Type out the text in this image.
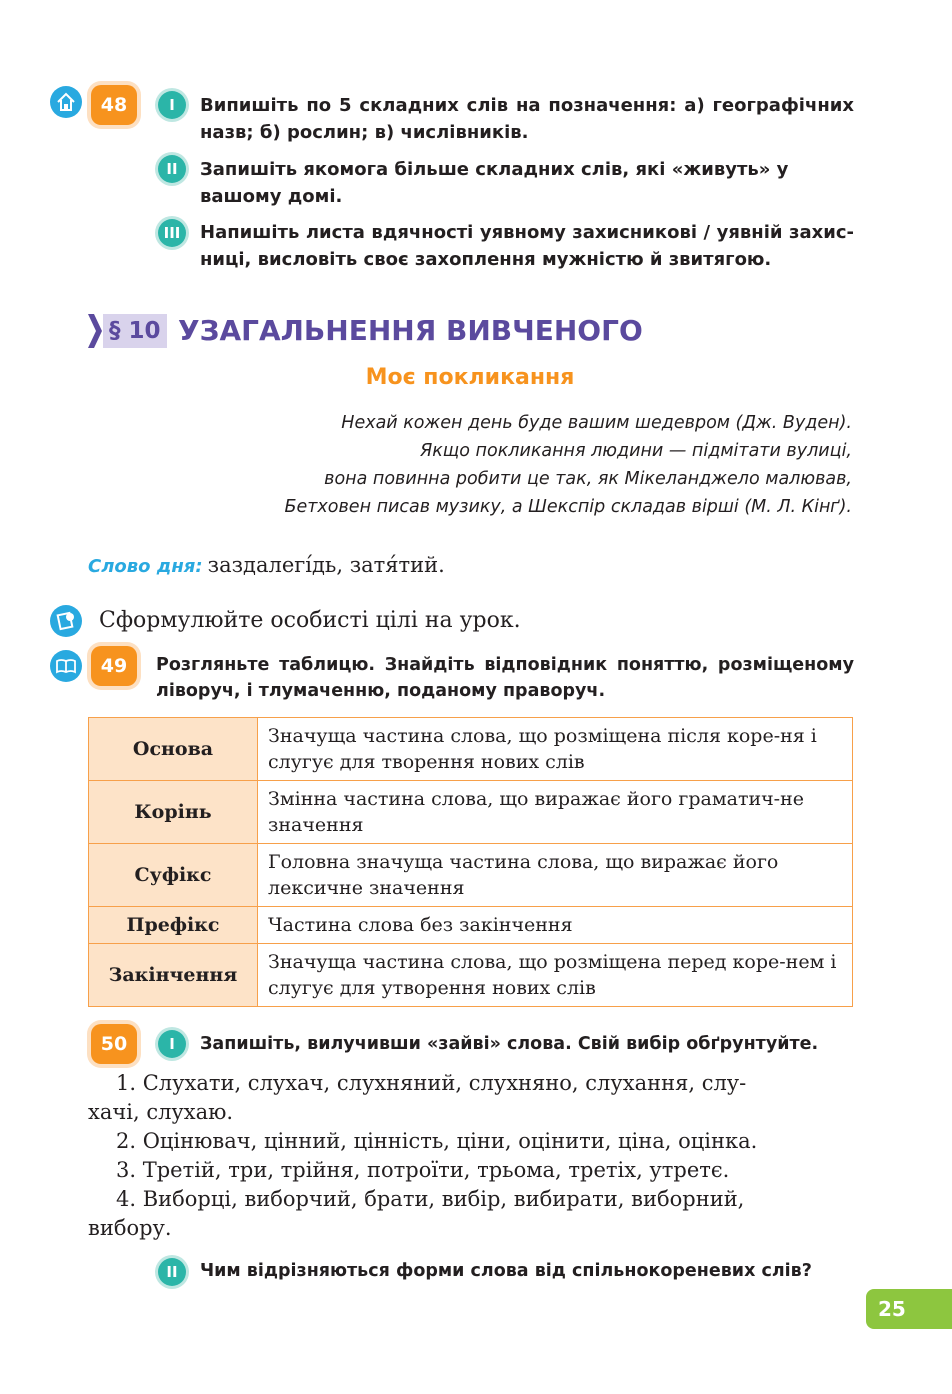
48	I	Випишіть по 5 складних слів на позначення: а) географічних назв; б) рослин; в) числівників.
II	Запишіть якомога більше складних слів, які «живуть» у вашому домі.
III	Напишіть листа вдячності уявному захисникові / уявній захис-ниці, висловіть своє захоплення мужністю й звитягою.
§ 10 УЗАГАЛЬНЕННЯ ВИВЧЕНОГО
Моє покликання
Нехай кожен день буде вашим шедевром (Дж. Вуден).
Якщо покликання людини — підмітати вулиці,
вона повинна робити це так, як Мікеланджело малював,
Бетховен писав музику, а Шекспір складав вірші (М. Л. Кінґ).
Слово дня: заздалегі́дь, затя́тий.
Сформулюйте особисті цілі на урок.
49	Розгляньте таблицю. Знайдіть відповідник поняттю, розміщеному ліворуч, і тлумаченню, поданому праворуч.
Основа	Значуща частина слова, що розміщена після коре-ня і слугує для творення нових слів
Корінь	Змінна частина слова, що виражає його граматич-не значення
Суфікс	Головна значуща частина слова, що виражає його лексичне значення
Префікс	Частина слова без закінчення
Закінчення	Значуща частина слова, що розміщена перед коре-нем і слугує для утворення нових слів
50	I	Запишіть, вилучивши «зайві» слова. Свій вибір обґрунтуйте.
1. Слухати, слухач, слухняний, слухняно, слухання, слу-
хачі, слухаю.
2. Оцінювач, цінний, цінність, ціни, оцінити, ціна, оцінка.
3. Третій, три, трійня, потроїти, трьома, третіх, утретє.
4. Виборці, виборчий, брати, вибір, вибирати, виборний,
вибору.
II	Чим відрізняються форми слова від спільнокореневих слів?
25
